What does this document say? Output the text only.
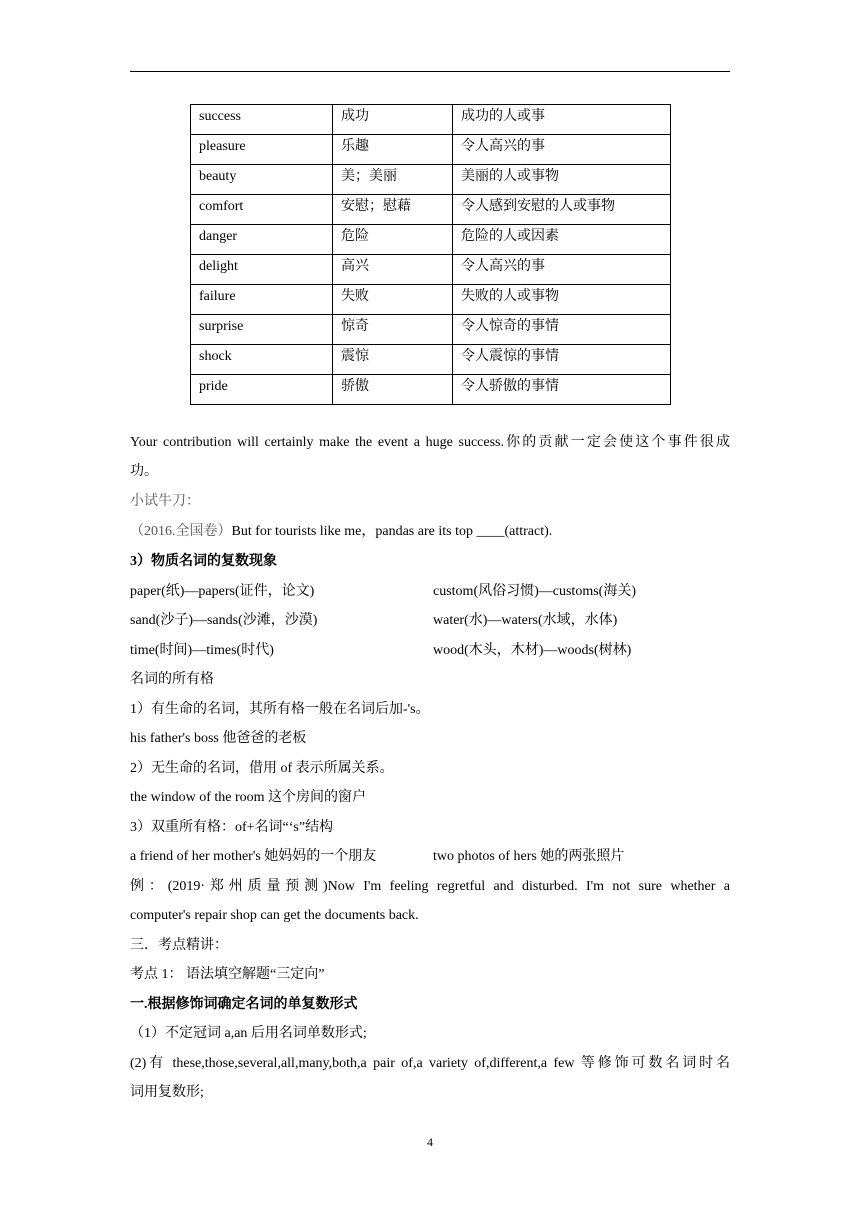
success	成功	成功的人或事
pleasure	乐趣	令人高兴的事
beauty	美；美丽	美丽的人或事物
comfort	安慰；慰藉	令人感到安慰的人或事物
danger	危险	危险的人或因素
delight	高兴	令人高兴的事
failure	失败	失败的人或事物
surprise	惊奇	令人惊奇的事情
shock	震惊	令人震惊的事情
pride	骄傲	令人骄傲的事情
Your contribution will certainly make the event a huge success.你的贡献一定会使这个事件很成
功。
小试牛刀：
（2016.全国卷）But for tourists like me，pandas are its top ____(attract).
3）物质名词的复数现象
paper(纸)—papers(证件，论文)	custom(风俗习惯)—customs(海关)
sand(沙子)—sands(沙滩，沙漠)	water(水)—waters(水域，水体)
time(时间)—times(时代)	wood(木头，木材)—woods(树林)
名词的所有格
1）有生命的名词，其所有格一般在名词后加-'s。
his father's boss 他爸爸的老板
2）无生命的名词，借用 of 表示所属关系。
the window of the room 这个房间的窗户
3）双重所有格：of+名词“‘s”结构
a friend of her mother's 她妈妈的一个朋友	two photos of hers 她的两张照片
例：(2019·郑州质量预测)Now I'm feeling regretful and disturbed. I'm not sure whether a
computer's repair shop can get the documents back.
三．考点精讲：
考点 1： 语法填空解题“三定向”
一.根据修饰词确定名词的单复数形式
（1）不定冠词 a,an 后用名词单数形式;
(2)有 these,those,several,all,many,both,a pair of,a variety of,different,a few 等修饰可数名词时名
词用复数形;
4
